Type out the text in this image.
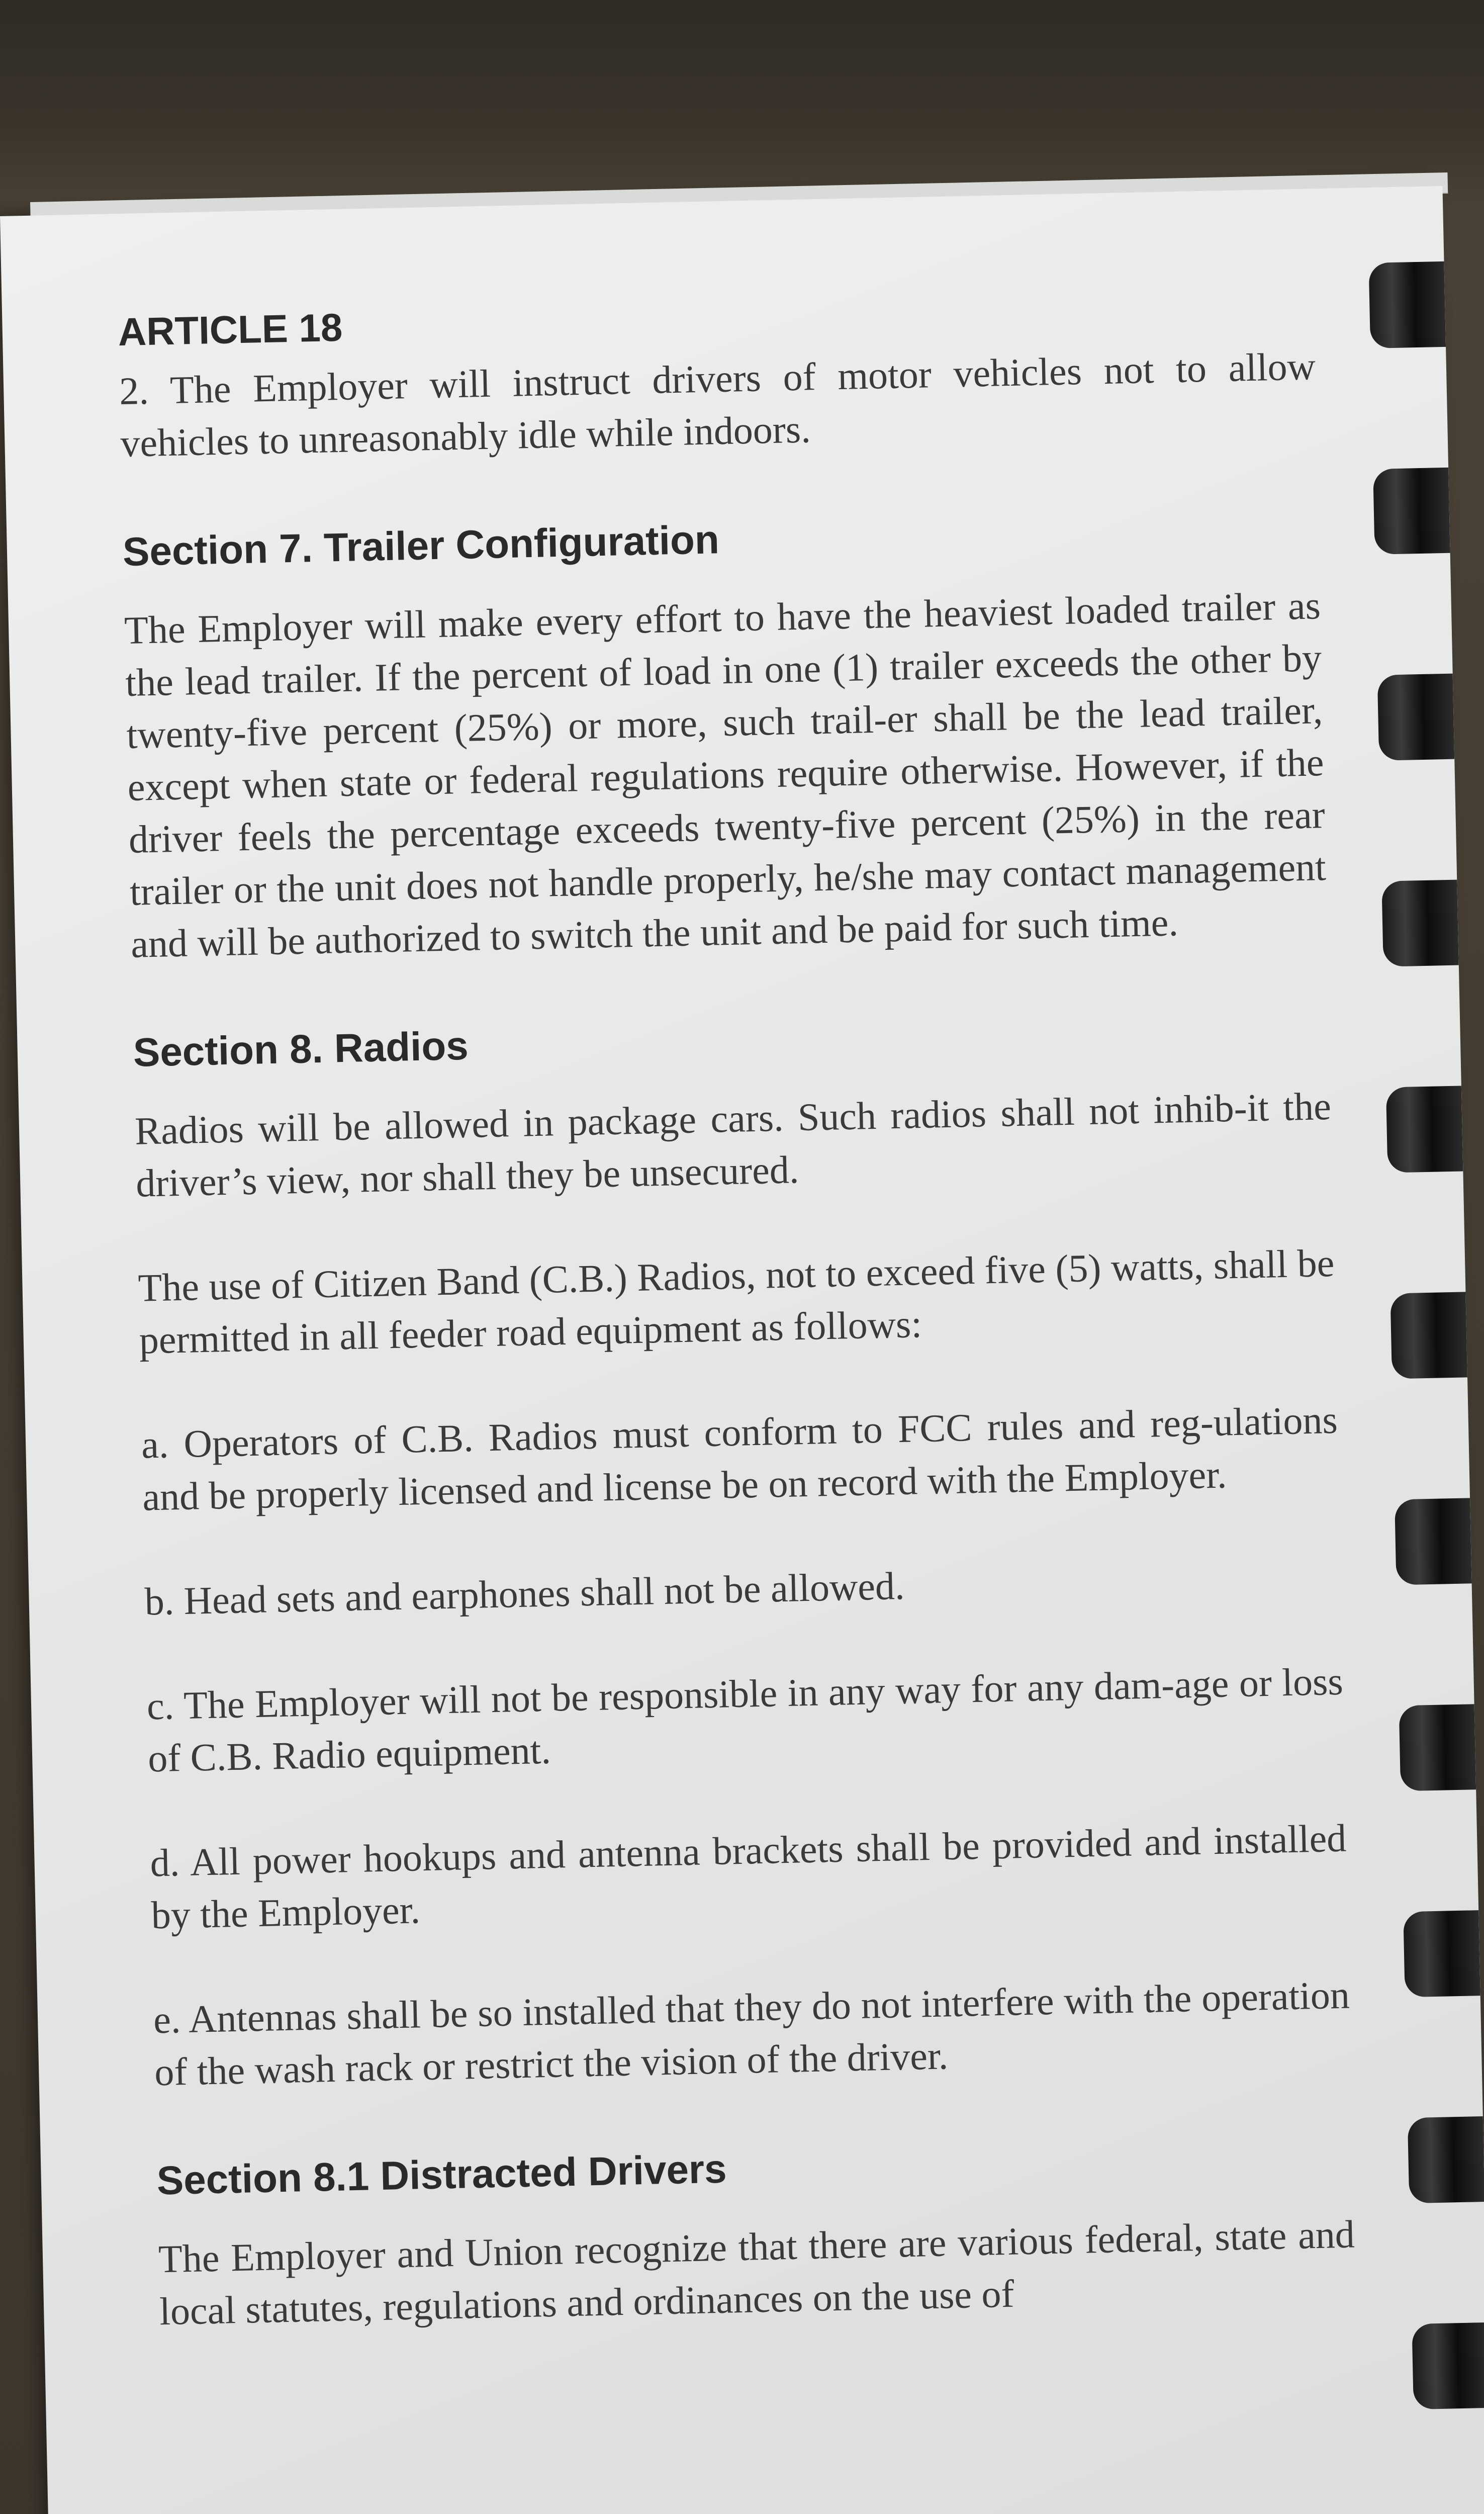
ARTICLE 18

2. The Employer will instruct drivers of motor vehicles not to allow vehicles to unreasonably idle while indoors.

Section 7. Trailer Configuration

The Employer will make every effort to have the heaviest loaded trailer as the lead trailer. If the percent of load in one (1) trailer exceeds the other by twenty-five percent (25%) or more, such trail-er shall be the lead trailer, except when state or federal regulations require otherwise. However, if the driver feels the percentage exceeds twenty-five percent (25%) in the rear trailer or the unit does not handle properly, he/she may contact management and will be authorized to switch the unit and be paid for such time.

Section 8. Radios

Radios will be allowed in package cars. Such radios shall not inhib-it the driver’s view, nor shall they be unsecured.

The use of Citizen Band (C.B.) Radios, not to exceed five (5) watts, shall be permitted in all feeder road equipment as follows:

a. Operators of C.B. Radios must conform to FCC rules and reg-ulations and be properly licensed and license be on record with the Employer.

b. Head sets and earphones shall not be allowed.

c. The Employer will not be responsible in any way for any dam-age or loss of C.B. Radio equipment.

d. All power hookups and antenna brackets shall be provided and installed by the Employer.

e. Antennas shall be so installed that they do not interfere with the operation of the wash rack or restrict the vision of the driver.

Section 8.1 Distracted Drivers

The Employer and Union recognize that there are various federal, state and local statutes, regulations and ordinances on the use of
